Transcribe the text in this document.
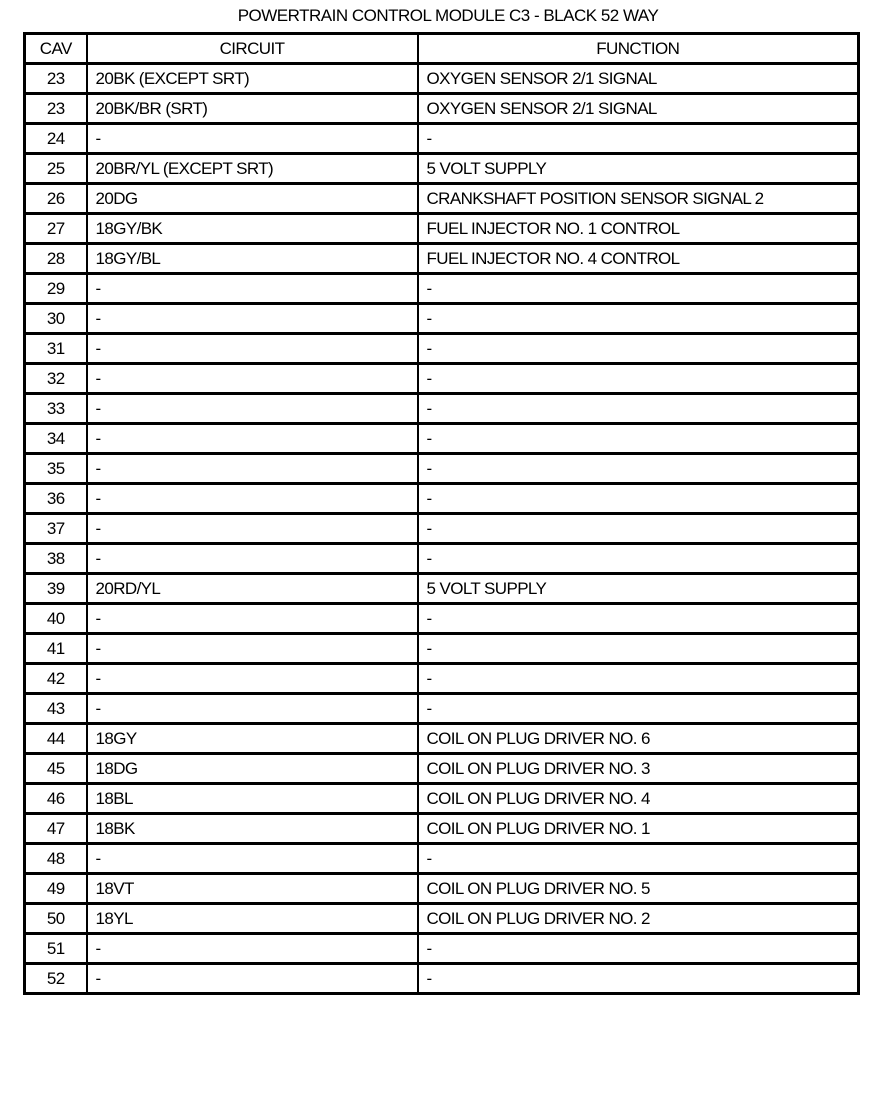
POWERTRAIN CONTROL MODULE C3 - BLACK 52 WAY
CAV	CIRCUIT	FUNCTION
23	20BK (EXCEPT SRT)	OXYGEN SENSOR 2/1 SIGNAL
23	20BK/BR (SRT)	OXYGEN SENSOR 2/1 SIGNAL
24	-	-
25	20BR/YL (EXCEPT SRT)	5 VOLT SUPPLY
26	20DG	CRANKSHAFT POSITION SENSOR SIGNAL 2
27	18GY/BK	FUEL INJECTOR NO. 1 CONTROL
28	18GY/BL	FUEL INJECTOR NO. 4 CONTROL
29	-	-
30	-	-
31	-	-
32	-	-
33	-	-
34	-	-
35	-	-
36	-	-
37	-	-
38	-	-
39	20RD/YL	5 VOLT SUPPLY
40	-	-
41	-	-
42	-	-
43	-	-
44	18GY	COIL ON PLUG DRIVER NO. 6
45	18DG	COIL ON PLUG DRIVER NO. 3
46	18BL	COIL ON PLUG DRIVER NO. 4
47	18BK	COIL ON PLUG DRIVER NO. 1
48	-	-
49	18VT	COIL ON PLUG DRIVER NO. 5
50	18YL	COIL ON PLUG DRIVER NO. 2
51	-	-
52	-	-
